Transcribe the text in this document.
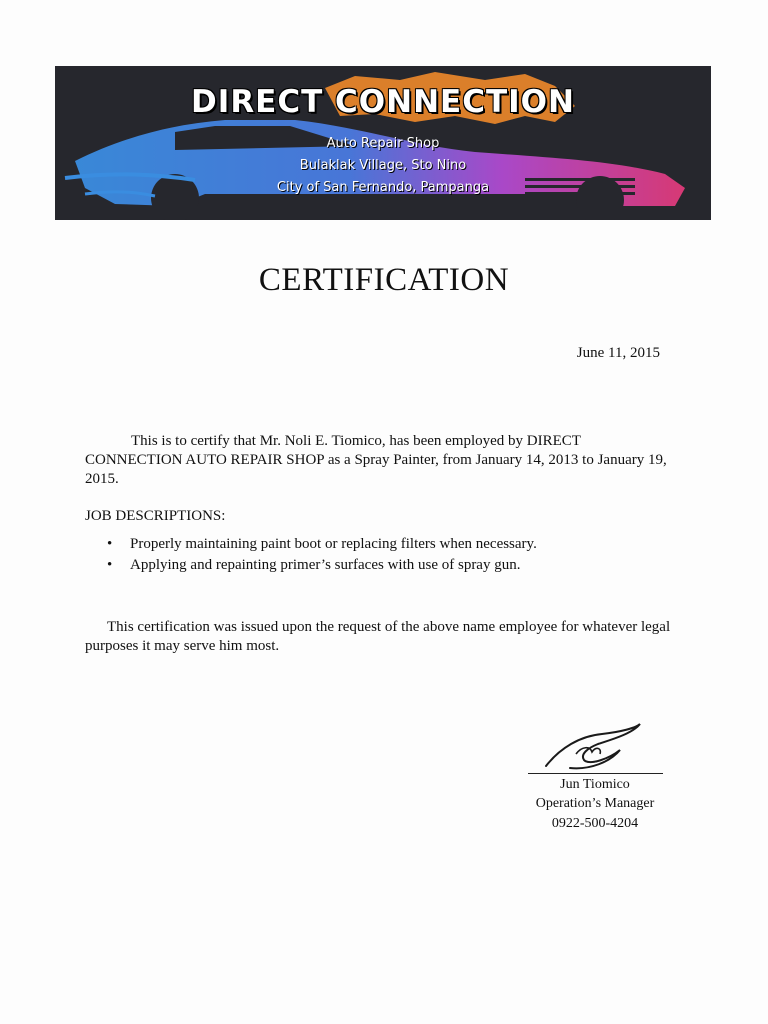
DIRECT CONNECTION
Auto Repair Shop
Bulaklak Village, Sto Nino
City of San Fernando, Pampanga
CERTIFICATION
June 11, 2015
This is to certify that Mr. Noli E. Tiomico, has been employed by DIRECT CONNECTION AUTO REPAIR SHOP as a Spray Painter, from January 14, 2013 to January 19, 2015.
JOB DESCRIPTIONS:
• Properly maintaining paint boot or replacing filters when necessary.
• Applying and repainting primer’s surfaces with use of spray gun.
This certification was issued upon the request of the above name employee for whatever legal purposes it may serve him most.
Jun Tiomico
Operation’s Manager
0922-500-4204
